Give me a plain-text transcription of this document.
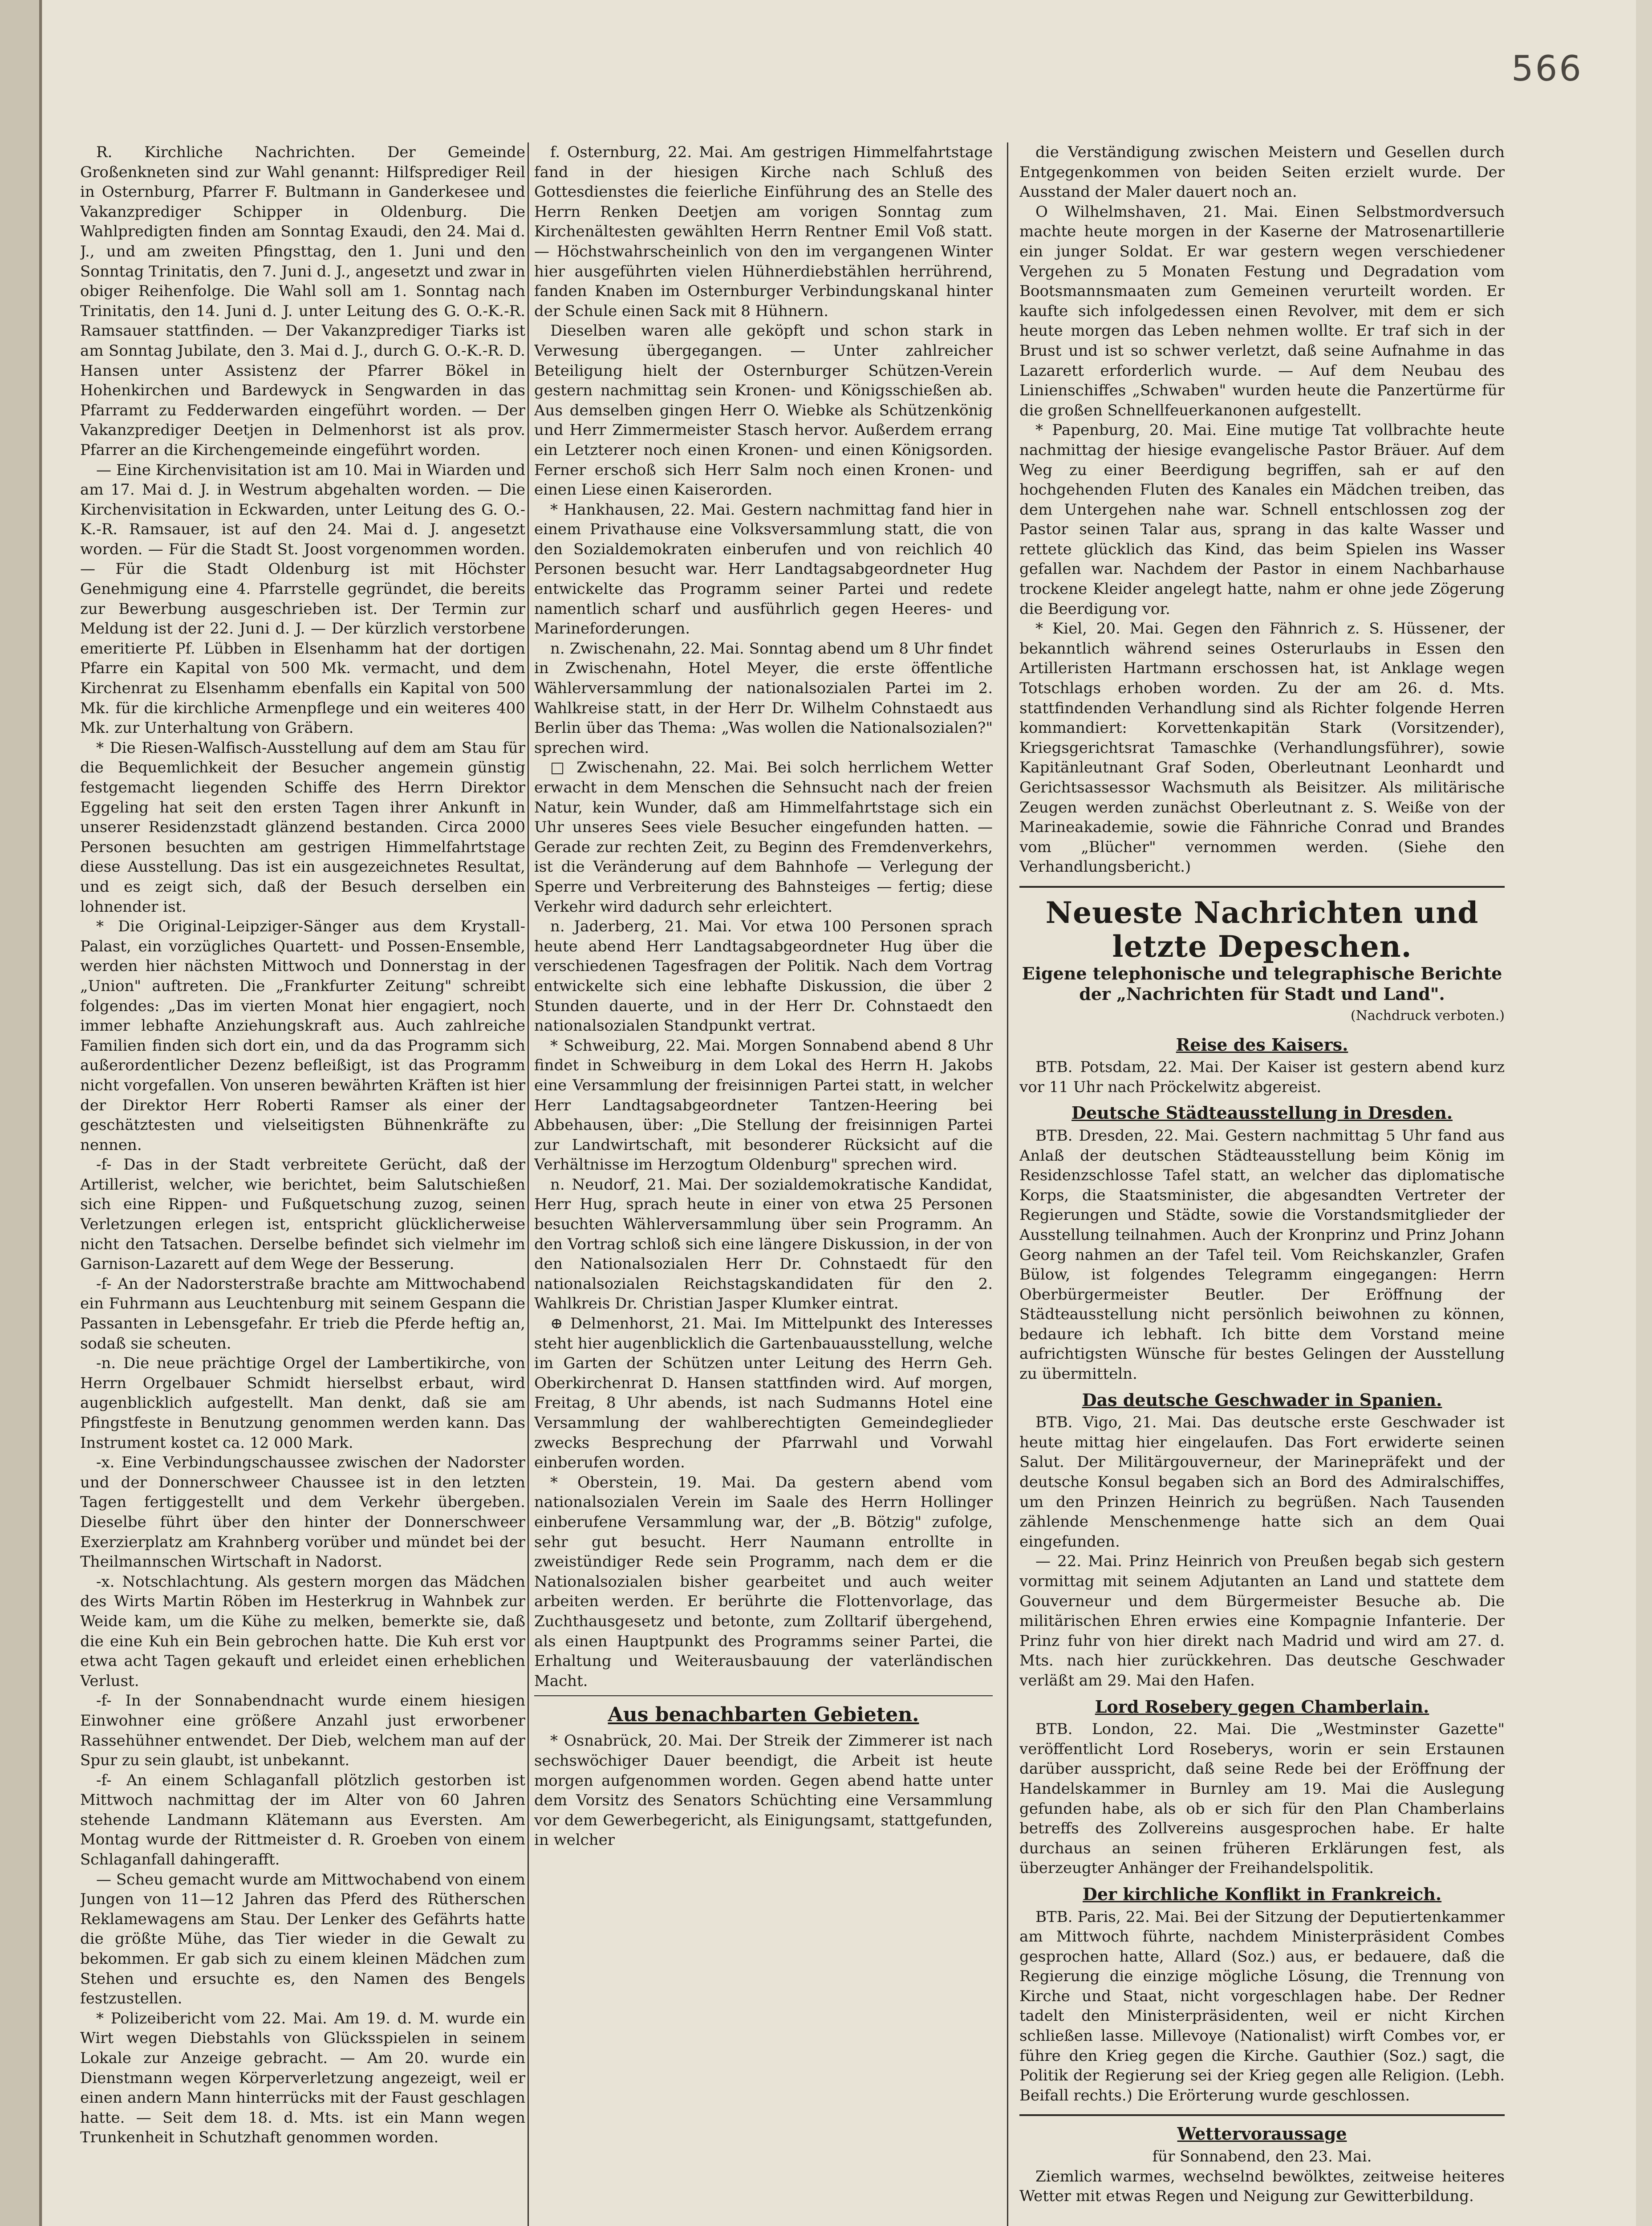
566

R. Kirchliche Nachrichten. Der Gemeinde Großenkneten sind zur Wahl genannt: Hilfsprediger Reil in Osternburg, Pfarrer F. Bultmann in Ganderkesee und Vakanzprediger Schipper in Oldenburg. Die Wahlpredigten finden am Sonntag Exaudi, den 24. Mai d. J., und am zweiten Pfingsttag, den 1. Juni und den Sonntag Trinitatis, den 7. Juni d. J., angesetzt und zwar in obiger Reihenfolge. Die Wahl soll am 1. Sonntag nach Trinitatis, den 14. Juni d. J. unter Leitung des G. O.-K.-R. Ramsauer stattfinden. — Der Vakanzprediger Tiarks ist am Sonntag Jubilate, den 3. Mai d. J., durch G. O.-K.-R. D. Hansen unter Assistenz der Pfarrer Bökel in Hohenkirchen und Bardewyck in Sengwarden in das Pfarramt zu Fedderwarden eingeführt worden. — Der Vakanzprediger Deetjen in Delmenhorst ist als prov. Pfarrer an die Kirchengemeinde eingeführt worden.

— Eine Kirchenvisitation ist am 10. Mai in Wiarden und am 17. Mai d. J. in Westrum abgehalten worden. — Die Kirchenvisitation in Eckwarden, unter Leitung des G. O.-K.-R. Ramsauer, ist auf den 24. Mai d. J. angesetzt worden. — Für die Stadt St. Joost vorgenommen worden. — Für die Stadt Oldenburg ist mit Höchster Genehmigung eine 4. Pfarrstelle gegründet, die bereits zur Bewerbung ausgeschrieben ist. Der Termin zur Meldung ist der 22. Juni d. J. — Der kürzlich verstorbene emeritierte Pf. Lübben in Elsenhamm hat der dortigen Pfarre ein Kapital von 500 Mk. vermacht, und dem Kirchenrat zu Elsenhamm ebenfalls ein Kapital von 500 Mk. für die kirchliche Armenpflege und ein weiteres 400 Mk. zur Unterhaltung von Gräbern.

* Die Riesen-Walfisch-Ausstellung auf dem am Stau für die Bequemlichkeit der Besucher angemein günstig festgemacht liegenden Schiffe des Herrn Direktor Eggeling hat seit den ersten Tagen ihrer Ankunft in unserer Residenzstadt glänzend bestanden. Circa 2000 Personen besuchten am gestrigen Himmelfahrtstage diese Ausstellung. Das ist ein ausgezeichnetes Resultat, und es zeigt sich, daß der Besuch derselben ein lohnender ist.

* Die Original-Leipziger-Sänger aus dem Krystall-Palast, ein vorzügliches Quartett- und Possen-Ensemble, werden hier nächsten Mittwoch und Donnerstag in der „Union" auftreten. Die „Frankfurter Zeitung" schreibt folgendes: „Das im vierten Monat hier engagiert, noch immer lebhafte Anziehungskraft aus. Auch zahlreiche Familien finden sich dort ein, und da das Programm sich außerordentlicher Dezenz befleißigt, ist das Programm nicht vorgefallen. Von unseren bewährten Kräften ist hier der Direktor Herr Roberti Ramser als einer der geschätztesten und vielseitigsten Bühnenkräfte zu nennen.

-f- Das in der Stadt verbreitete Gerücht, daß der Artillerist, welcher, wie berichtet, beim Salutschießen sich eine Rippen- und Fußquetschung zuzog, seinen Verletzungen erlegen ist, entspricht glücklicherweise nicht den Tatsachen. Derselbe befindet sich vielmehr im Garnison-Lazarett auf dem Wege der Besserung.

-f- An der Nadorsterstraße brachte am Mittwochabend ein Fuhrmann aus Leuchtenburg mit seinem Gespann die Passanten in Lebensgefahr. Er trieb die Pferde heftig an, sodaß sie scheuten.

-n. Die neue prächtige Orgel der Lambertikirche, von Herrn Orgelbauer Schmidt hierselbst erbaut, wird augenblicklich aufgestellt. Man denkt, daß sie am Pfingstfeste in Benutzung genommen werden kann. Das Instrument kostet ca. 12 000 Mark.

-x. Eine Verbindungschaussee zwischen der Nadorster und der Donnerschweer Chaussee ist in den letzten Tagen fertiggestellt und dem Verkehr übergeben. Dieselbe führt über den hinter der Donnerschweer Exerzierplatz am Krahnberg vorüber und mündet bei der Theilmannschen Wirtschaft in Nadorst.

-x. Notschlachtung. Als gestern morgen das Mädchen des Wirts Martin Röben im Hesterkrug in Wahnbek zur Weide kam, um die Kühe zu melken, bemerkte sie, daß die eine Kuh ein Bein gebrochen hatte. Die Kuh erst vor etwa acht Tagen gekauft und erleidet einen erheblichen Verlust.

-f- In der Sonnabendnacht wurde einem hiesigen Einwohner eine größere Anzahl just erworbener Rassehühner entwendet. Der Dieb, welchem man auf der Spur zu sein glaubt, ist unbekannt.

-f- An einem Schlaganfall plötzlich gestorben ist Mittwoch nachmittag der im Alter von 60 Jahren stehende Landmann Klätemann aus Eversten. Am Montag wurde der Rittmeister d. R. Groeben von einem Schlaganfall dahingerafft.

— Scheu gemacht wurde am Mittwochabend von einem Jungen von 11—12 Jahren das Pferd des Rütherschen Reklamewagens am Stau. Der Lenker des Gefährts hatte die größte Mühe, das Tier wieder in die Gewalt zu bekommen. Er gab sich zu einem kleinen Mädchen zum Stehen und ersuchte es, den Namen des Bengels festzustellen.

* Polizeibericht vom 22. Mai. Am 19. d. M. wurde ein Wirt wegen Diebstahls von Glücksspielen in seinem Lokale zur Anzeige gebracht. — Am 20. wurde ein Dienstmann wegen Körperverletzung angezeigt, weil er einen andern Mann hinterrücks mit der Faust geschlagen hatte. — Seit dem 18. d. Mts. ist ein Mann wegen Trunkenheit in Schutzhaft genommen worden.

f. Osternburg, 22. Mai. Am gestrigen Himmelfahrtstage fand in der hiesigen Kirche nach Schluß des Gottesdienstes die feierliche Einführung des an Stelle des Herrn Renken Deetjen am vorigen Sonntag zum Kirchenältesten gewählten Herrn Rentner Emil Voß statt. — Höchstwahrscheinlich von den im vergangenen Winter hier ausgeführten vielen Hühnerdiebstählen herrührend, fanden Knaben im Osternburger Verbindungskanal hinter der Schule einen Sack mit 8 Hühnern.

Dieselben waren alle geköpft und schon stark in Verwesung übergegangen. — Unter zahlreicher Beteiligung hielt der Osternburger Schützen-Verein gestern nachmittag sein Kronen- und Königsschießen ab. Aus demselben gingen Herr O. Wiebke als Schützenkönig und Herr Zimmermeister Stasch hervor. Außerdem errang ein Letzterer noch einen Kronen- und einen Königsorden. Ferner erschoß sich Herr Salm noch einen Kronen- und einen Liese einen Kaiserorden.

* Hankhausen, 22. Mai. Gestern nachmittag fand hier in einem Privathause eine Volksversammlung statt, die von den Sozialdemokraten einberufen und von reichlich 40 Personen besucht war. Herr Landtagsabgeordneter Hug entwickelte das Programm seiner Partei und redete namentlich scharf und ausführlich gegen Heeres- und Marineforderungen.

n. Zwischenahn, 22. Mai. Sonntag abend um 8 Uhr findet in Zwischenahn, Hotel Meyer, die erste öffentliche Wählerversammlung der nationalsozialen Partei im 2. Wahlkreise statt, in der Herr Dr. Wilhelm Cohnstaedt aus Berlin über das Thema: „Was wollen die Nationalsozialen?" sprechen wird.

□ Zwischenahn, 22. Mai. Bei solch herrlichem Wetter erwacht in dem Menschen die Sehnsucht nach der freien Natur, kein Wunder, daß am Himmelfahrtstage sich ein Uhr unseres Sees viele Besucher eingefunden hatten. — Gerade zur rechten Zeit, zu Beginn des Fremdenverkehrs, ist die Veränderung auf dem Bahnhofe — Verlegung der Sperre und Verbreiterung des Bahnsteiges — fertig; diese Verkehr wird dadurch sehr erleichtert.

n. Jaderberg, 21. Mai. Vor etwa 100 Personen sprach heute abend Herr Landtagsabgeordneter Hug über die verschiedenen Tagesfragen der Politik. Nach dem Vortrag entwickelte sich eine lebhafte Diskussion, die über 2 Stunden dauerte, und in der Herr Dr. Cohnstaedt den nationalsozialen Standpunkt vertrat.

* Schweiburg, 22. Mai. Morgen Sonnabend abend 8 Uhr findet in Schweiburg in dem Lokal des Herrn H. Jakobs eine Versammlung der freisinnigen Partei statt, in welcher Herr Landtagsabgeordneter Tantzen-Heering bei Abbehausen, über: „Die Stellung der freisinnigen Partei zur Landwirtschaft, mit besonderer Rücksicht auf die Verhältnisse im Herzogtum Oldenburg" sprechen wird.

n. Neudorf, 21. Mai. Der sozialdemokratische Kandidat, Herr Hug, sprach heute in einer von etwa 25 Personen besuchten Wählerversammlung über sein Programm. An den Vortrag schloß sich eine längere Diskussion, in der von den Nationalsozialen Herr Dr. Cohnstaedt für den nationalsozialen Reichstagskandidaten für den 2. Wahlkreis Dr. Christian Jasper Klumker eintrat.

⊕ Delmenhorst, 21. Mai. Im Mittelpunkt des Interesses steht hier augenblicklich die Gartenbauausstellung, welche im Garten der Schützen unter Leitung des Herrn Geh. Oberkirchenrat D. Hansen stattfinden wird. Auf morgen, Freitag, 8 Uhr abends, ist nach Sudmanns Hotel eine Versammlung der wahlberechtigten Gemeindeglieder zwecks Besprechung der Pfarrwahl und Vorwahl einberufen worden.

* Oberstein, 19. Mai. Da gestern abend vom nationalsozialen Verein im Saale des Herrn Hollinger einberufene Versammlung war, der „B. Bötzig" zufolge, sehr gut besucht. Herr Naumann entrollte in zweistündiger Rede sein Programm, nach dem er die Nationalsozialen bisher gearbeitet und auch weiter arbeiten werden. Er berührte die Flottenvorlage, das Zuchthausgesetz und betonte, zum Zolltarif übergehend, als einen Hauptpunkt des Programms seiner Partei, die Erhaltung und Weiterausbauung der vaterländischen Macht.

Aus benachbarten Gebieten.

* Osnabrück, 20. Mai. Der Streik der Zimmerer ist nach sechswöchiger Dauer beendigt, die Arbeit ist heute morgen aufgenommen worden. Gegen abend hatte unter dem Vorsitz des Senators Schüchting eine Versammlung vor dem Gewerbegericht, als Einigungsamt, stattgefunden, in welcher

die Verständigung zwischen Meistern und Gesellen durch Entgegenkommen von beiden Seiten erzielt wurde. Der Ausstand der Maler dauert noch an.

O Wilhelmshaven, 21. Mai. Einen Selbstmordversuch machte heute morgen in der Kaserne der Matrosenartillerie ein junger Soldat. Er war gestern wegen verschiedener Vergehen zu 5 Monaten Festung und Degradation vom Bootsmannsmaaten zum Gemeinen verurteilt worden. Er kaufte sich infolgedessen einen Revolver, mit dem er sich heute morgen das Leben nehmen wollte. Er traf sich in der Brust und ist so schwer verletzt, daß seine Aufnahme in das Lazarett erforderlich wurde. — Auf dem Neubau des Linienschiffes „Schwaben" wurden heute die Panzertürme für die großen Schnellfeuerkanonen aufgestellt.

* Papenburg, 20. Mai. Eine mutige Tat vollbrachte heute nachmittag der hiesige evangelische Pastor Bräuer. Auf dem Weg zu einer Beerdigung begriffen, sah er auf den hochgehenden Fluten des Kanales ein Mädchen treiben, das dem Untergehen nahe war. Schnell entschlossen zog der Pastor seinen Talar aus, sprang in das kalte Wasser und rettete glücklich das Kind, das beim Spielen ins Wasser gefallen war. Nachdem der Pastor in einem Nachbarhause trockene Kleider angelegt hatte, nahm er ohne jede Zögerung die Beerdigung vor.

* Kiel, 20. Mai. Gegen den Fähnrich z. S. Hüssener, der bekanntlich während seines Osterurlaubs in Essen den Artilleristen Hartmann erschossen hat, ist Anklage wegen Totschlags erhoben worden. Zu der am 26. d. Mts. stattfindenden Verhandlung sind als Richter folgende Herren kommandiert: Korvettenkapitän Stark (Vorsitzender), Kriegsgerichtsrat Tamaschke (Verhandlungsführer), sowie Kapitänleutnant Graf Soden, Oberleutnant Leonhardt und Gerichtsassessor Wachsmuth als Beisitzer. Als militärische Zeugen werden zunächst Oberleutnant z. S. Weiße von der Marineakademie, sowie die Fähnriche Conrad und Brandes vom „Blücher" vernommen werden. (Siehe den Verhandlungsbericht.)

Neueste Nachrichten und letzte Depeschen.
Eigene telephonische und telegraphische Berichte der „Nachrichten für Stadt und Land".
(Nachdruck verboten.)
Reise des Kaisers.

BTB. Potsdam, 22. Mai. Der Kaiser ist gestern abend kurz vor 11 Uhr nach Pröckelwitz abgereist.

Deutsche Städteausstellung in Dresden.

BTB. Dresden, 22. Mai. Gestern nachmittag 5 Uhr fand aus Anlaß der deutschen Städteausstellung beim König im Residenzschlosse Tafel statt, an welcher das diplomatische Korps, die Staatsminister, die abgesandten Vertreter der Regierungen und Städte, sowie die Vorstandsmitglieder der Ausstellung teilnahmen. Auch der Kronprinz und Prinz Johann Georg nahmen an der Tafel teil. Vom Reichskanzler, Grafen Bülow, ist folgendes Telegramm eingegangen: Herrn Oberbürgermeister Beutler. Der Eröffnung der Städteausstellung nicht persönlich beiwohnen zu können, bedaure ich lebhaft. Ich bitte dem Vorstand meine aufrichtigsten Wünsche für bestes Gelingen der Ausstellung zu übermitteln.

Das deutsche Geschwader in Spanien.

BTB. Vigo, 21. Mai. Das deutsche erste Geschwader ist heute mittag hier eingelaufen. Das Fort erwiderte seinen Salut. Der Militärgouverneur, der Marinepräfekt und der deutsche Konsul begaben sich an Bord des Admiralschiffes, um den Prinzen Heinrich zu begrüßen. Nach Tausenden zählende Menschenmenge hatte sich an dem Quai eingefunden.

— 22. Mai. Prinz Heinrich von Preußen begab sich gestern vormittag mit seinem Adjutanten an Land und stattete dem Gouverneur und dem Bürgermeister Besuche ab. Die militärischen Ehren erwies eine Kompagnie Infanterie. Der Prinz fuhr von hier direkt nach Madrid und wird am 27. d. Mts. nach hier zurückkehren. Das deutsche Geschwader verläßt am 29. Mai den Hafen.

Lord Rosebery gegen Chamberlain.

BTB. London, 22. Mai. Die „Westminster Gazette" veröffentlicht Lord Roseberys, worin er sein Erstaunen darüber ausspricht, daß seine Rede bei der Eröffnung der Handelskammer in Burnley am 19. Mai die Auslegung gefunden habe, als ob er sich für den Plan Chamberlains betreffs des Zollvereins ausgesprochen habe. Er halte durchaus an seinen früheren Erklärungen fest, als überzeugter Anhänger der Freihandelspolitik.

Der kirchliche Konflikt in Frankreich.

BTB. Paris, 22. Mai. Bei der Sitzung der Deputiertenkammer am Mittwoch führte, nachdem Ministerpräsident Combes gesprochen hatte, Allard (Soz.) aus, er bedauere, daß die Regierung die einzige mögliche Lösung, die Trennung von Kirche und Staat, nicht vorgeschlagen habe. Der Redner tadelt den Ministerpräsidenten, weil er nicht Kirchen schließen lasse. Millevoye (Nationalist) wirft Combes vor, er führe den Krieg gegen die Kirche. Gauthier (Soz.) sagt, die Politik der Regierung sei der Krieg gegen alle Religion. (Lebh. Beifall rechts.) Die Erörterung wurde geschlossen.

Wettervoraussage

für Sonnabend, den 23. Mai.

Ziemlich warmes, wechselnd bewölktes, zeitweise heiteres Wetter mit etwas Regen und Neigung zur Gewitterbildung.
